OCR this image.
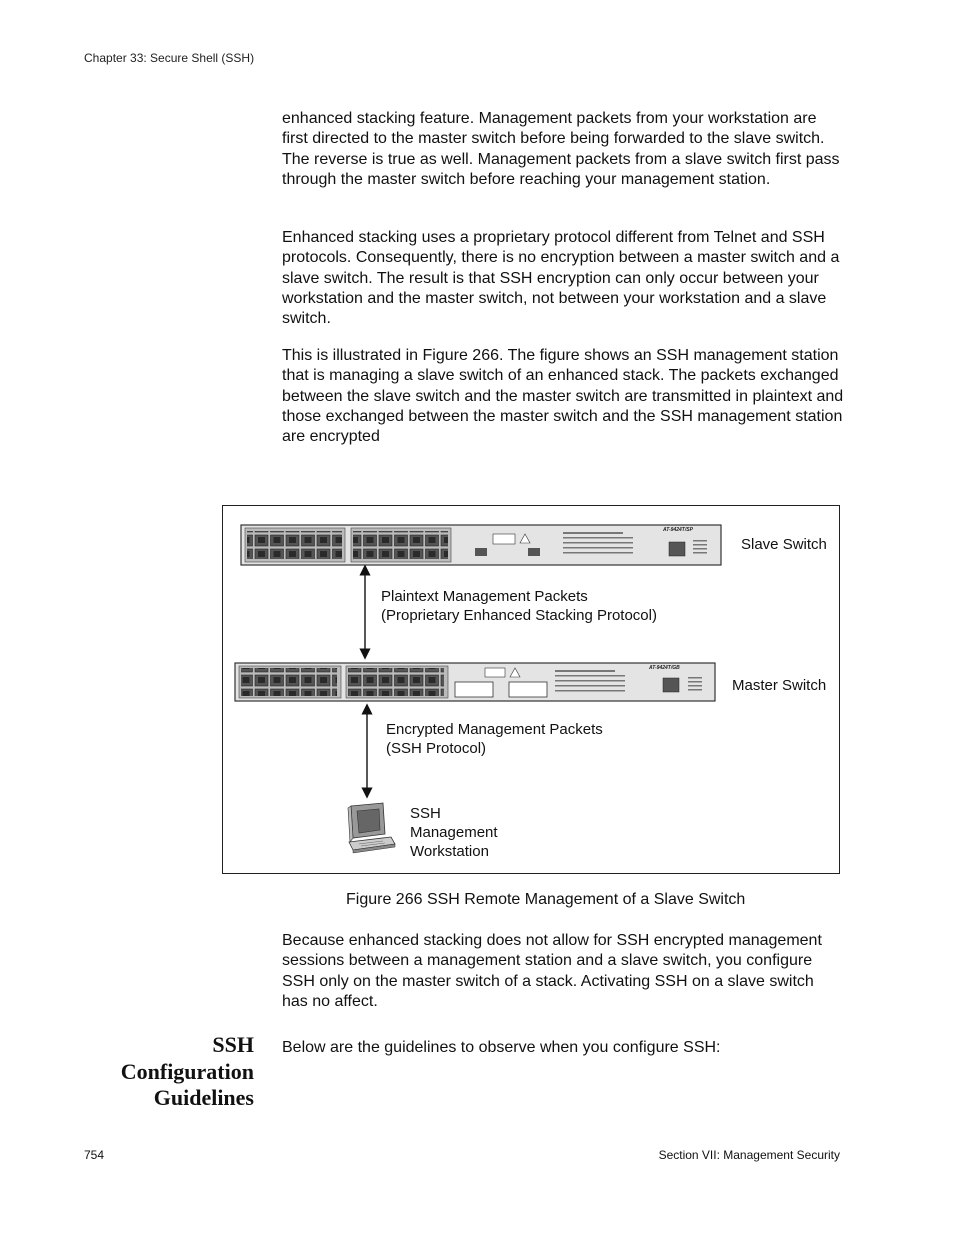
Chapter 33: Secure Shell (SSH)

enhanced stacking feature. Management packets from your workstation are first directed to the master switch before being forwarded to the slave switch. The reverse is true as well. Management packets from a slave switch first pass through the master switch before reaching your management station.

Enhanced stacking uses a proprietary protocol different from Telnet and SSH protocols. Consequently, there is no encryption between a master switch and a slave switch. The result is that SSH encryption can only occur between your workstation and the master switch, not between your workstation and a slave switch.

This is illustrated in Figure 266. The figure shows an SSH management station that is managing a slave switch of an enhanced stack. The packets exchanged between the slave switch and the master switch are transmitted in plaintext and those exchanged between the master switch and the SSH management station are encrypted

AT-9424T/SP
AT-9424T/GB
Slave Switch
Master Switch
Plaintext Management Packets
(Proprietary Enhanced Stacking Protocol)
Encrypted Management Packets
(SSH Protocol)
SSH
Management
Workstation
Figure 266 SSH Remote Management of a Slave Switch

Because enhanced stacking does not allow for SSH encrypted management sessions between a management station and a slave switch, you configure SSH only on the master switch of a stack. Activating SSH on a slave switch has no affect.

SSH
Configuration
Guidelines

Below are the guidelines to observe when you configure SSH:

754	Section VII: Management Security
